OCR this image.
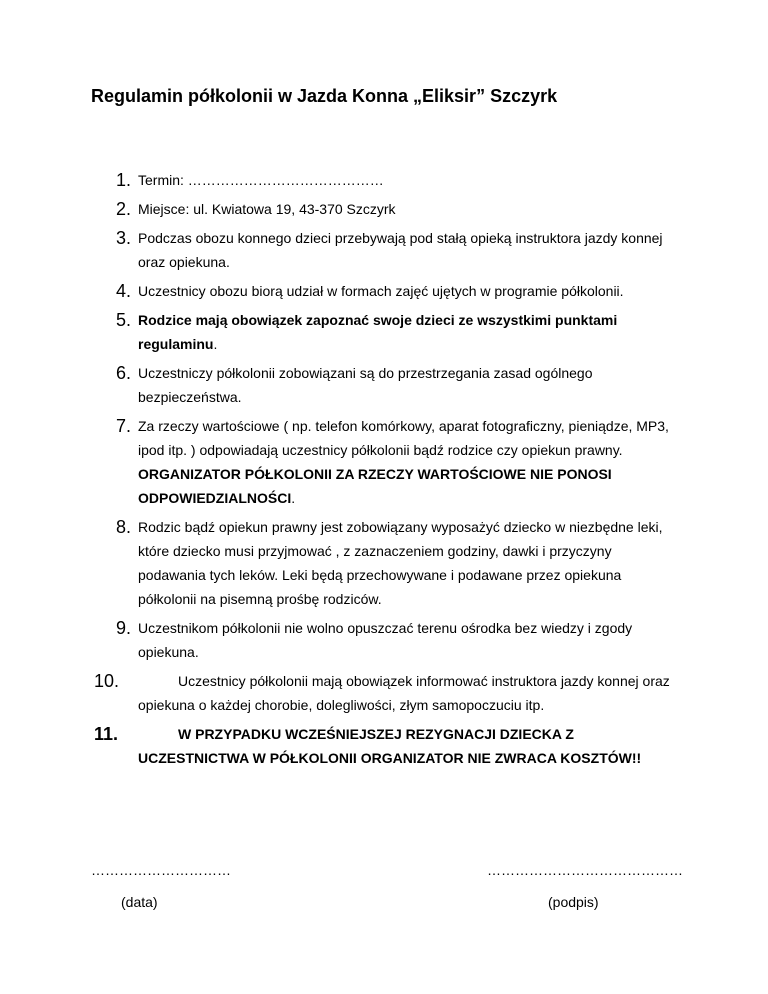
Regulamin półkolonii w Jazda Konna „Eliksir” Szczyrk
1. Termin: ……………………………………
2. Miejsce: ul. Kwiatowa 19, 43-370 Szczyrk
3. Podczas obozu konnego dzieci przebywają pod stałą opieką instruktora jazdy konnej oraz opiekuna.
4. Uczestnicy obozu biorą udział w formach zajęć ujętych w programie półkolonii.
5. Rodzice mają obowiązek zapoznać swoje dzieci ze wszystkimi punktami regulaminu.
6. Uczestniczy półkolonii zobowiązani są do przestrzegania zasad ogólnego bezpieczeństwa.
7. Za rzeczy wartościowe ( np. telefon komórkowy, aparat fotograficzny, pieniądze, MP3, ipod itp. ) odpowiadają uczestnicy półkolonii bądź rodzice czy opiekun prawny. ORGANIZATOR PÓŁKOLONII ZA RZECZY WARTOŚCIOWE NIE PONOSI ODPOWIEDZIALNOŚCI.
8. Rodzic bądź opiekun prawny jest zobowiązany wyposażyć dziecko w niezbędne leki, które dziecko musi przyjmować , z zaznaczeniem godziny, dawki i przyczyny podawania tych leków. Leki będą przechowywane i podawane przez opiekuna półkolonii na pisemną prośbę rodziców.
9. Uczestnikom półkolonii nie wolno opuszczać terenu ośrodka bez wiedzy i zgody opiekuna.
10.	Uczestnicy półkolonii mają obowiązek informować instruktora jazdy konnej oraz opiekuna o każdej chorobie, dolegliwości, złym samopoczuciu itp.
11.	W PRZYPADKU WCZEŚNIEJSZEJ REZYGNACJI DZIECKA Z UCZESTNICTWA W PÓŁKOLONII ORGANIZATOR NIE ZWRACA KOSZTÓW!!
…………………………	……………………………………
(data)	(podpis)
